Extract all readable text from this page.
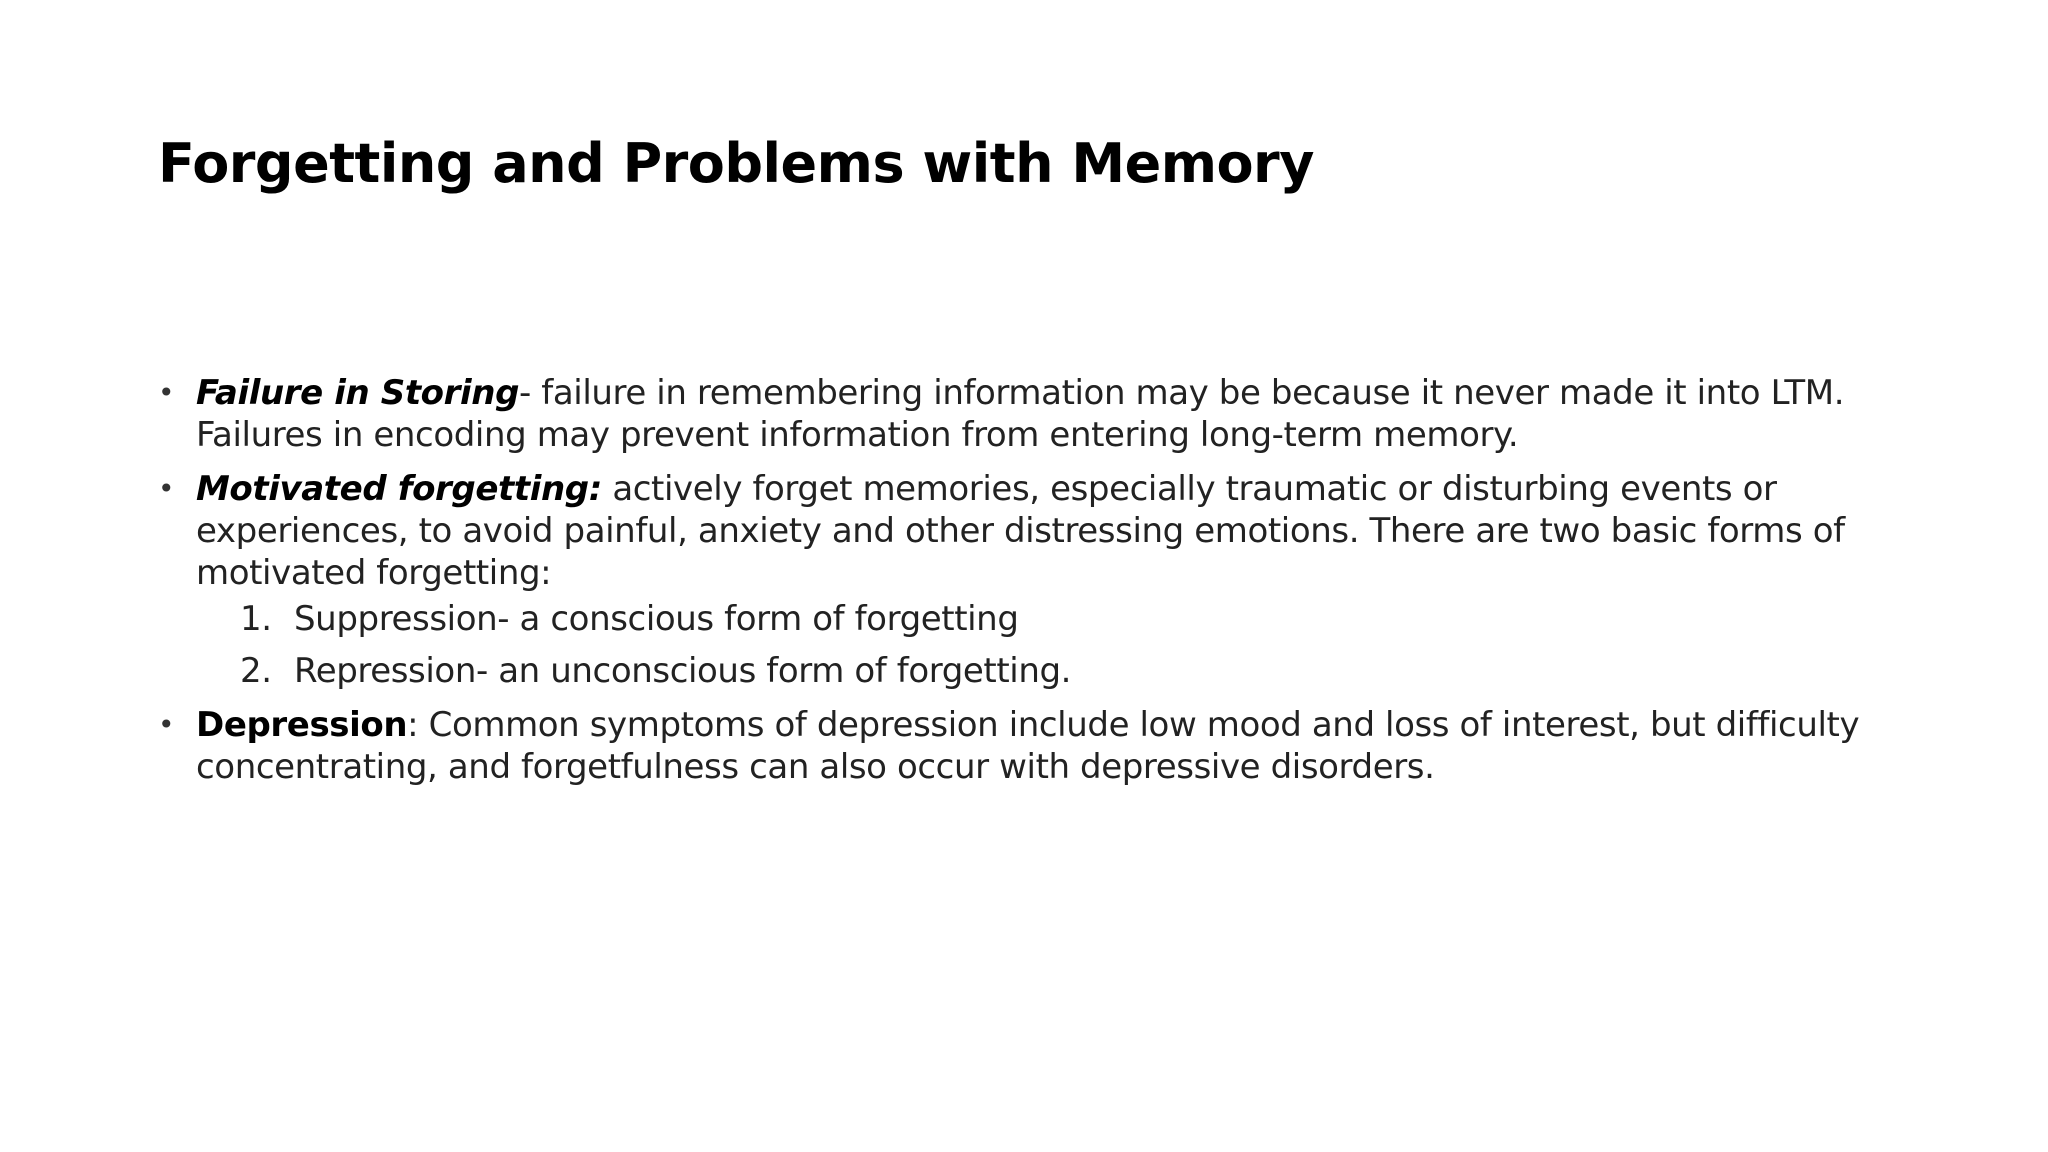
Forgetting and Problems with Memory
• Failure in Storing- failure in remembering information may be because it never made it into LTM. Failures in encoding may prevent information from entering long-term memory.
• Motivated forgetting: actively forget memories, especially traumatic or disturbing events or experiences, to avoid painful, anxiety and other distressing emotions. There are two basic forms of motivated forgetting:
1. Suppression- a conscious form of forgetting
2. Repression- an unconscious form of forgetting.
• Depression: Common symptoms of depression include low mood and loss of interest, but difficulty concentrating, and forgetfulness can also occur with depressive disorders.
